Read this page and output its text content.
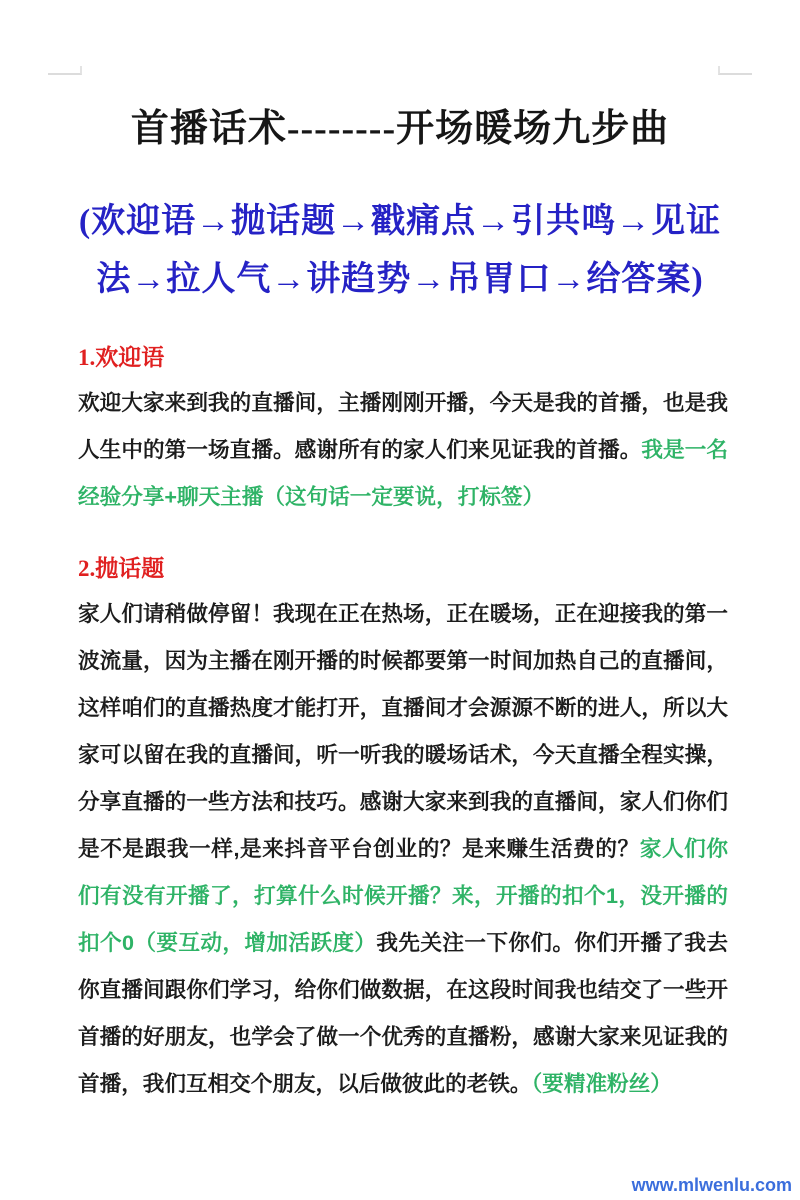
首播话术--------开场暖场九步曲
(欢迎语→抛话题→戳痛点→引共鸣→见证
法→拉人气→讲趋势→吊胃口→给答案)
1.欢迎语

欢迎大家来到我的直播间，主播刚刚开播，今天是我的首播，也是我人生中的第一场直播。感谢所有的家人们来见证我的首播。我是一名经验分享+聊天主播（这句话一定要说，打标签）

2.抛话题

家人们请稍做停留！我现在正在热场，正在暖场，正在迎接我的第一波流量，因为主播在刚开播的时候都要第一时间加热自己的直播间，这样咱们的直播热度才能打开，直播间才会源源不断的进人，所以大家可以留在我的直播间，听一听我的暖场话术，今天直播全程实操，分享直播的一些方法和技巧。感谢大家来到我的直播间，家人们你们是不是跟我一样,是来抖音平台创业的？是来赚生活费的？家人们你们有没有开播了，打算什么时候开播？来，开播的扣个1，没开播的扣个0（要互动，增加活跃度）我先关注一下你们。你们开播了我去你直播间跟你们学习，给你们做数据，在这段时间我也结交了一些开首播的好朋友，也学会了做一个优秀的直播粉，感谢大家来见证我的首播，我们互相交个朋友，以后做彼此的老铁。（要精准粉丝）

www.mlwenlu.com
